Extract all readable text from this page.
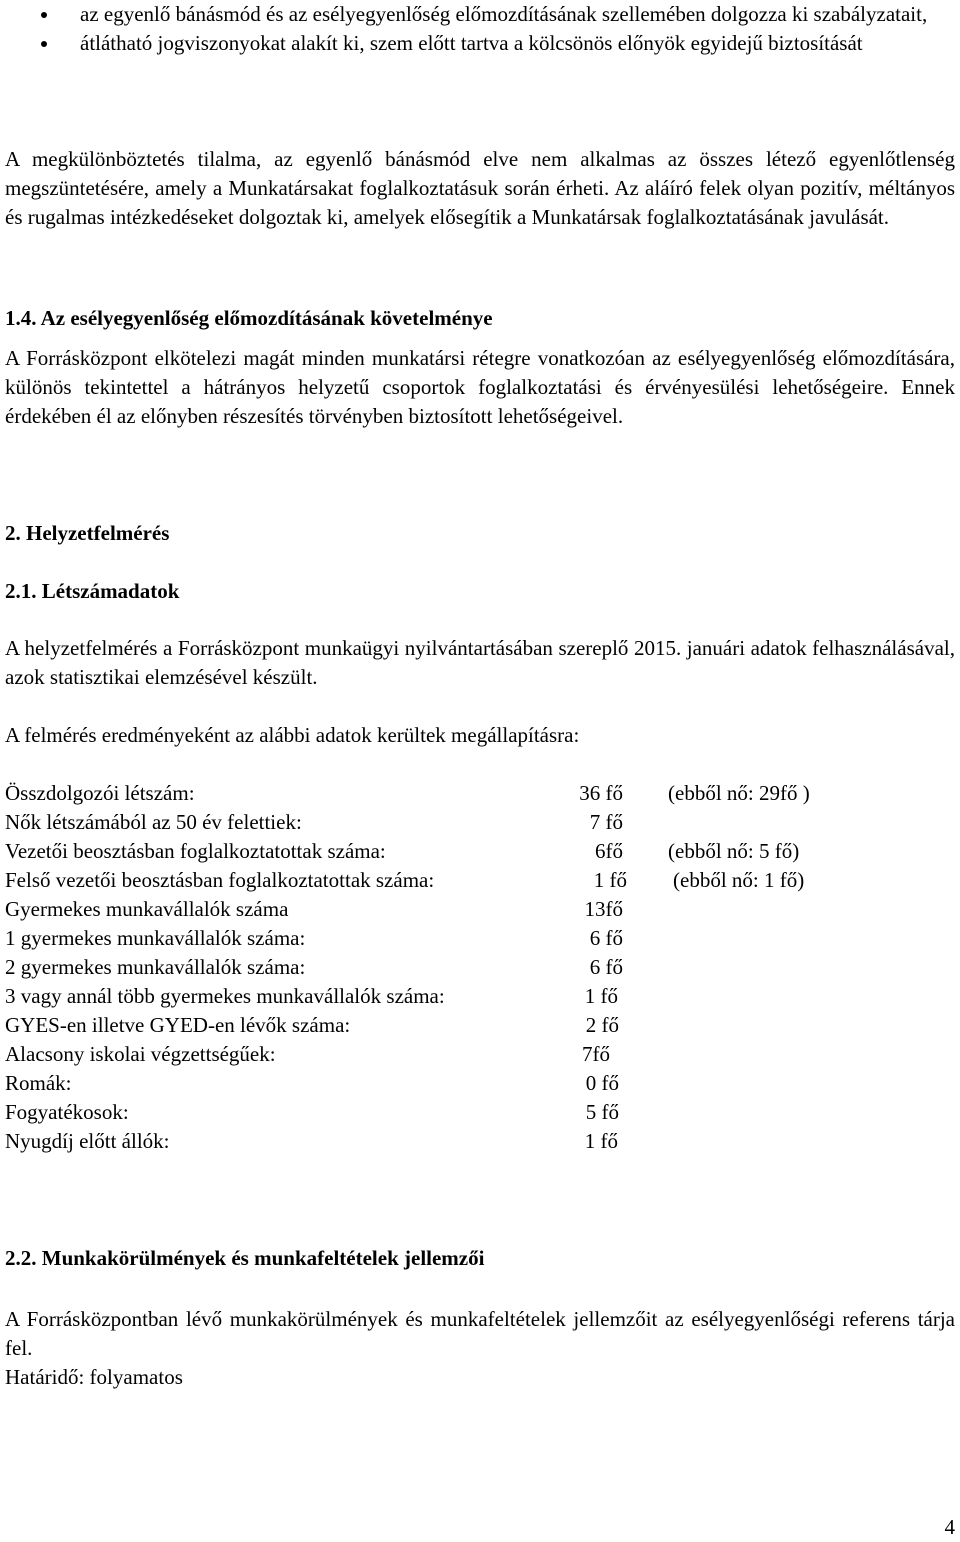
az egyenlő bánásmód és az esélyegyenlőség előmozdításának szellemében dolgozza ki szabályzatait,
átlátható jogviszonyokat alakít ki, szem előtt tartva a kölcsönös előnyök egyidejű biztosítását

A megkülönböztetés tilalma, az egyenlő bánásmód elve nem alkalmas az összes létező egyenlőtlenség megszüntetésére, amely a Munkatársakat foglalkoztatásuk során érheti. Az aláíró felek olyan pozitív, méltányos és rugalmas intézkedéseket dolgoztak ki, amelyek elősegítik a Munkatársak foglalkoztatásának javulását.

1.4. Az esélyegyenlőség előmozdításának követelménye

A Forrásközpont elkötelezi magát minden munkatársi rétegre vonatkozóan az esélyegyenlőség előmozdítására, különös tekintettel a hátrányos helyzetű csoportok foglalkoztatási és érvényesülési lehetőségeire. Ennek érdekében él az előnyben részesítés törvényben biztosított lehetőségeivel.

2. Helyzetfelmérés

2.1. Létszámadatok

A helyzetfelmérés a Forrásközpont munkaügyi nyilvántartásában szereplő 2015. januári adatok felhasználásával, azok statisztikai elemzésével készült.

A felmérés eredményeként az alábbi adatok kerültek megállapításra:

Összdolgozói létszám:	36 fő (ebből nő: 29fő )
Nők létszámából az 50 év felettiek:	7 fő
Vezetői beosztásban foglalkoztatottak száma:	6fő (ebből nő: 5 fő)
Felső vezetői beosztásban foglalkoztatottak száma:	1 fő (ebből nő: 1 fő)
Gyermekes munkavállalók száma	13fő
1 gyermekes munkavállalók száma:	6 fő
2 gyermekes munkavállalók száma:	6 fő
3 vagy annál több gyermekes munkavállalók száma:	1 fő
GYES-en illetve GYED-en lévők száma:	2 fő
Alacsony iskolai végzettségűek:	7fő
Romák:	0 fő
Fogyatékosok:	5 fő
Nyugdíj előtt állók:	1 fő

2.2. Munkakörülmények és munkafeltételek jellemzői

A Forrásközpontban lévő munkakörülmények és munkafeltételek jellemzőit az esélyegyenlőségi referens tárja fel.

Határidő: folyamatos

4
